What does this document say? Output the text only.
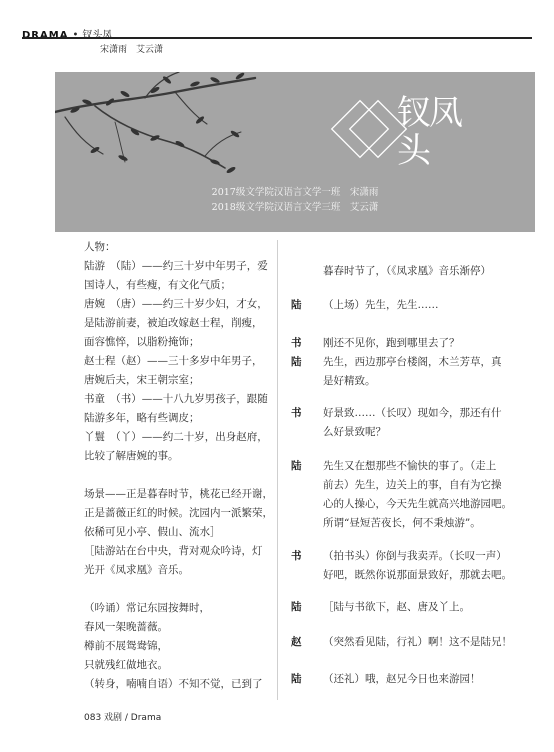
DRAMA • 钗头凤
宋潇雨　艾云潇
钗凤头
2017级文学院汉语言文学一班　宋潇雨
2018级文学院汉语言文学三班　艾云潇

人物：

陆游　（陆）——约三十岁中年男子，爱

国诗人，有些瘦，有文化气质；

唐婉　（唐）——约三十岁少妇，才女，

是陆游前妻，被迫改嫁赵士程，削瘦，

面容憔悴，以脂粉掩饰；

赵士程（赵）——三十多岁中年男子，

唐婉后夫，宋王朝宗室；

书童　（书）——十八九岁男孩子，跟随

陆游多年，略有些调皮；

丫鬟　（丫）——约二十岁，出身赵府，

比较了解唐婉的事。

场景——正是暮春时节，桃花已经开谢，

正是蔷薇正红的时候。沈园内一派繁荣，

依稀可见小亭、假山、流水］

［陆游站在台中央，背对观众吟诗，灯

光开《凤求凰》音乐。

（吟诵）常记东园按舞时，

春风一架晚蔷薇。

樽前不展鸳鸯锦，

只就残红做地衣。

（转身，喃喃自语）不知不觉，已到了

暮春时节了，（《凤求凰》音乐渐停）
陆 （上场）先生，先生……
书 刚还不见你，跑到哪里去了？
陆 先生，西边那亭台楼阁，木兰芳草，真
是好精致。
书 好景致……（长叹）现如今，那还有什
么好景致呢？
陆 先生又在想那些不愉快的事了。（走上
前去）先生，边关上的事，自有为它操
心的人操心，今天先生就高兴地游园吧。
所谓“昼短苦夜长，何不秉烛游”。
书 （拍书头）你倒与我卖弄。（长叹一声）
好吧，既然你说那面景致好，那就去吧。
陆 ［陆与书欲下，赵、唐及丫上。
赵 （突然看见陆，行礼）啊！这不是陆兄！
陆 （还礼）哦，赵兄今日也来游园！
083 戏剧 / Drama
